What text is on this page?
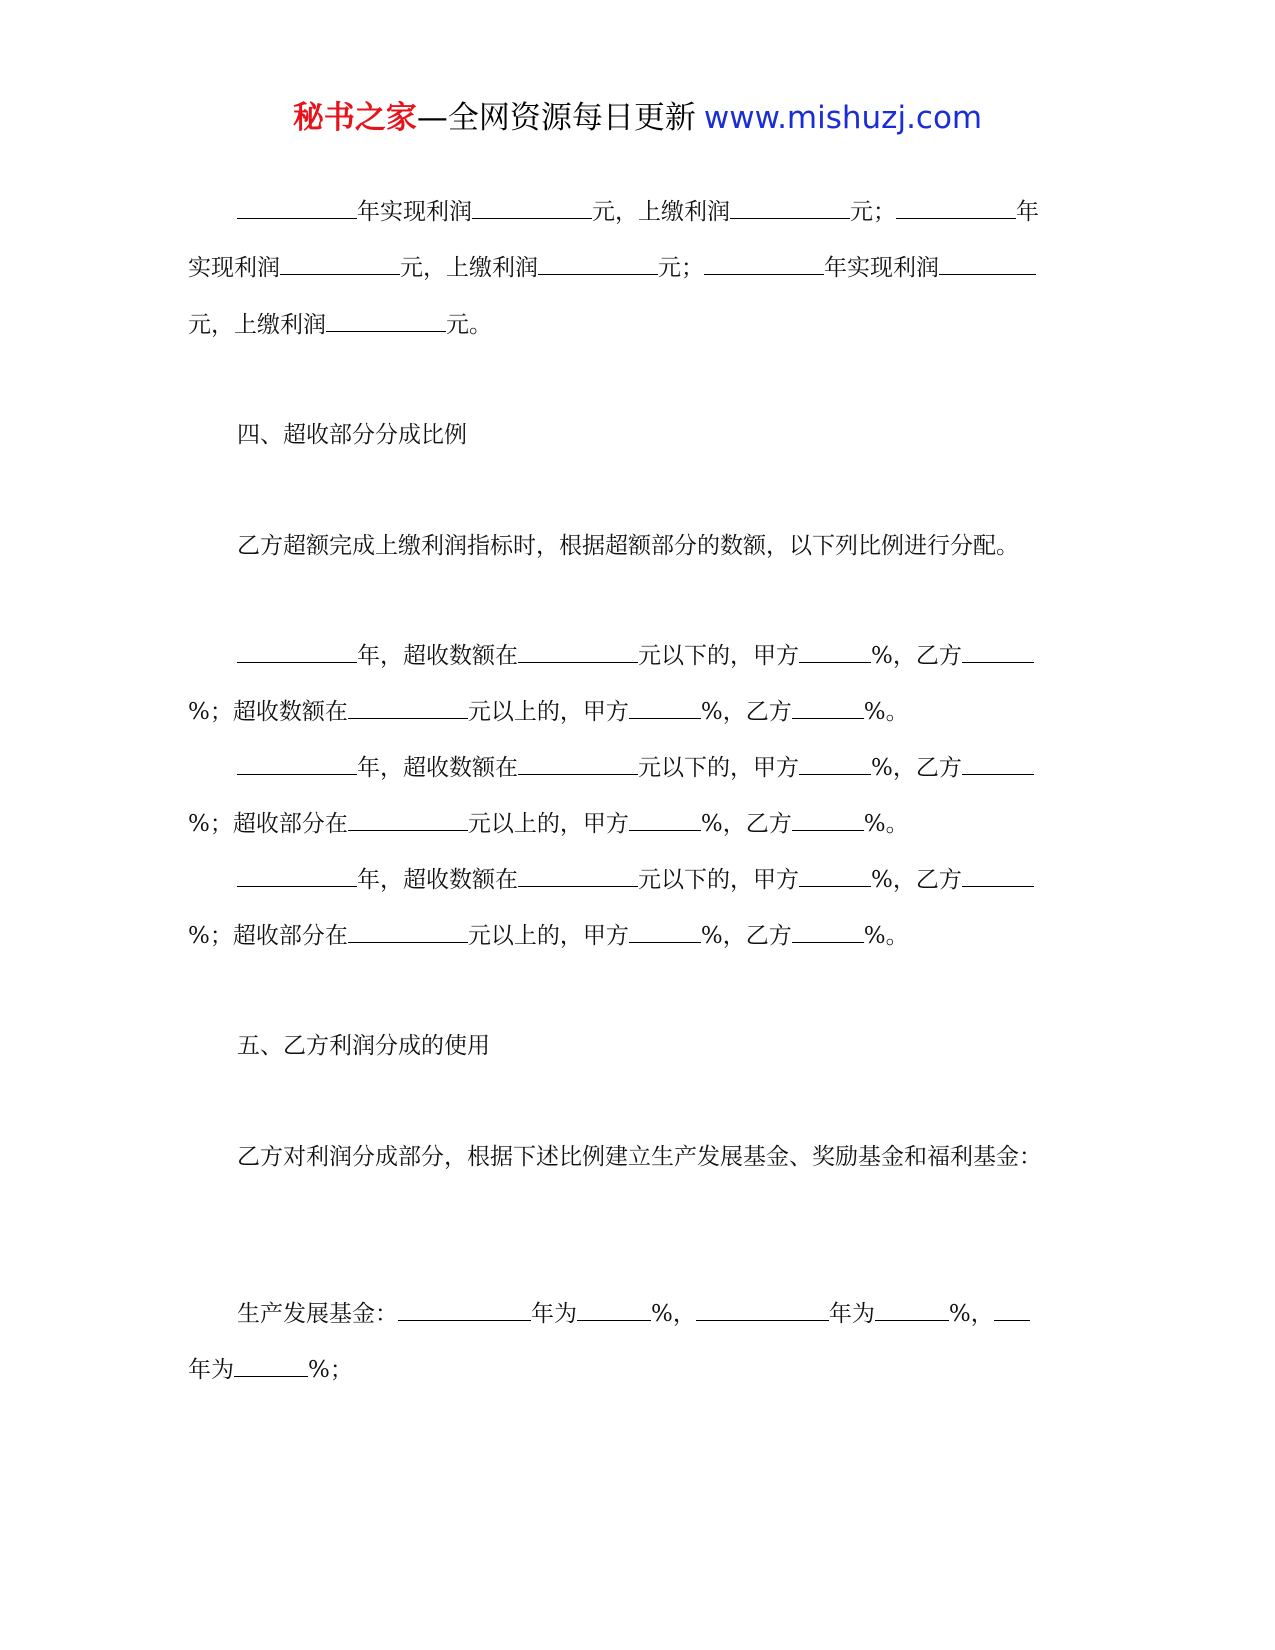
秘书之家—全网资源每日更新 www.mishuzj.com
年实现利润	元，上缴利润	元；	年
实现利润	元，上缴利润	元；	年实现利润
元，上缴利润	元。
四、超收部分分成比例
乙方超额完成上缴利润指标时，根据超额部分的数额，以下列比例进行分配。
年，超收数额在	元以下的，甲方	%，乙方
%；超收数额在	元以上的，甲方	%，乙方	%。
年，超收数额在	元以下的，甲方	%，乙方
%；超收部分在	元以上的，甲方	%，乙方	%。
年，超收数额在	元以下的，甲方	%，乙方
%；超收部分在	元以上的，甲方	%，乙方	%。
五、乙方利润分成的使用
乙方对利润分成部分，根据下述比例建立生产发展基金、奖励基金和福利基金：
生产发展基金：	年为	%，	年为	%，
年为	%；
